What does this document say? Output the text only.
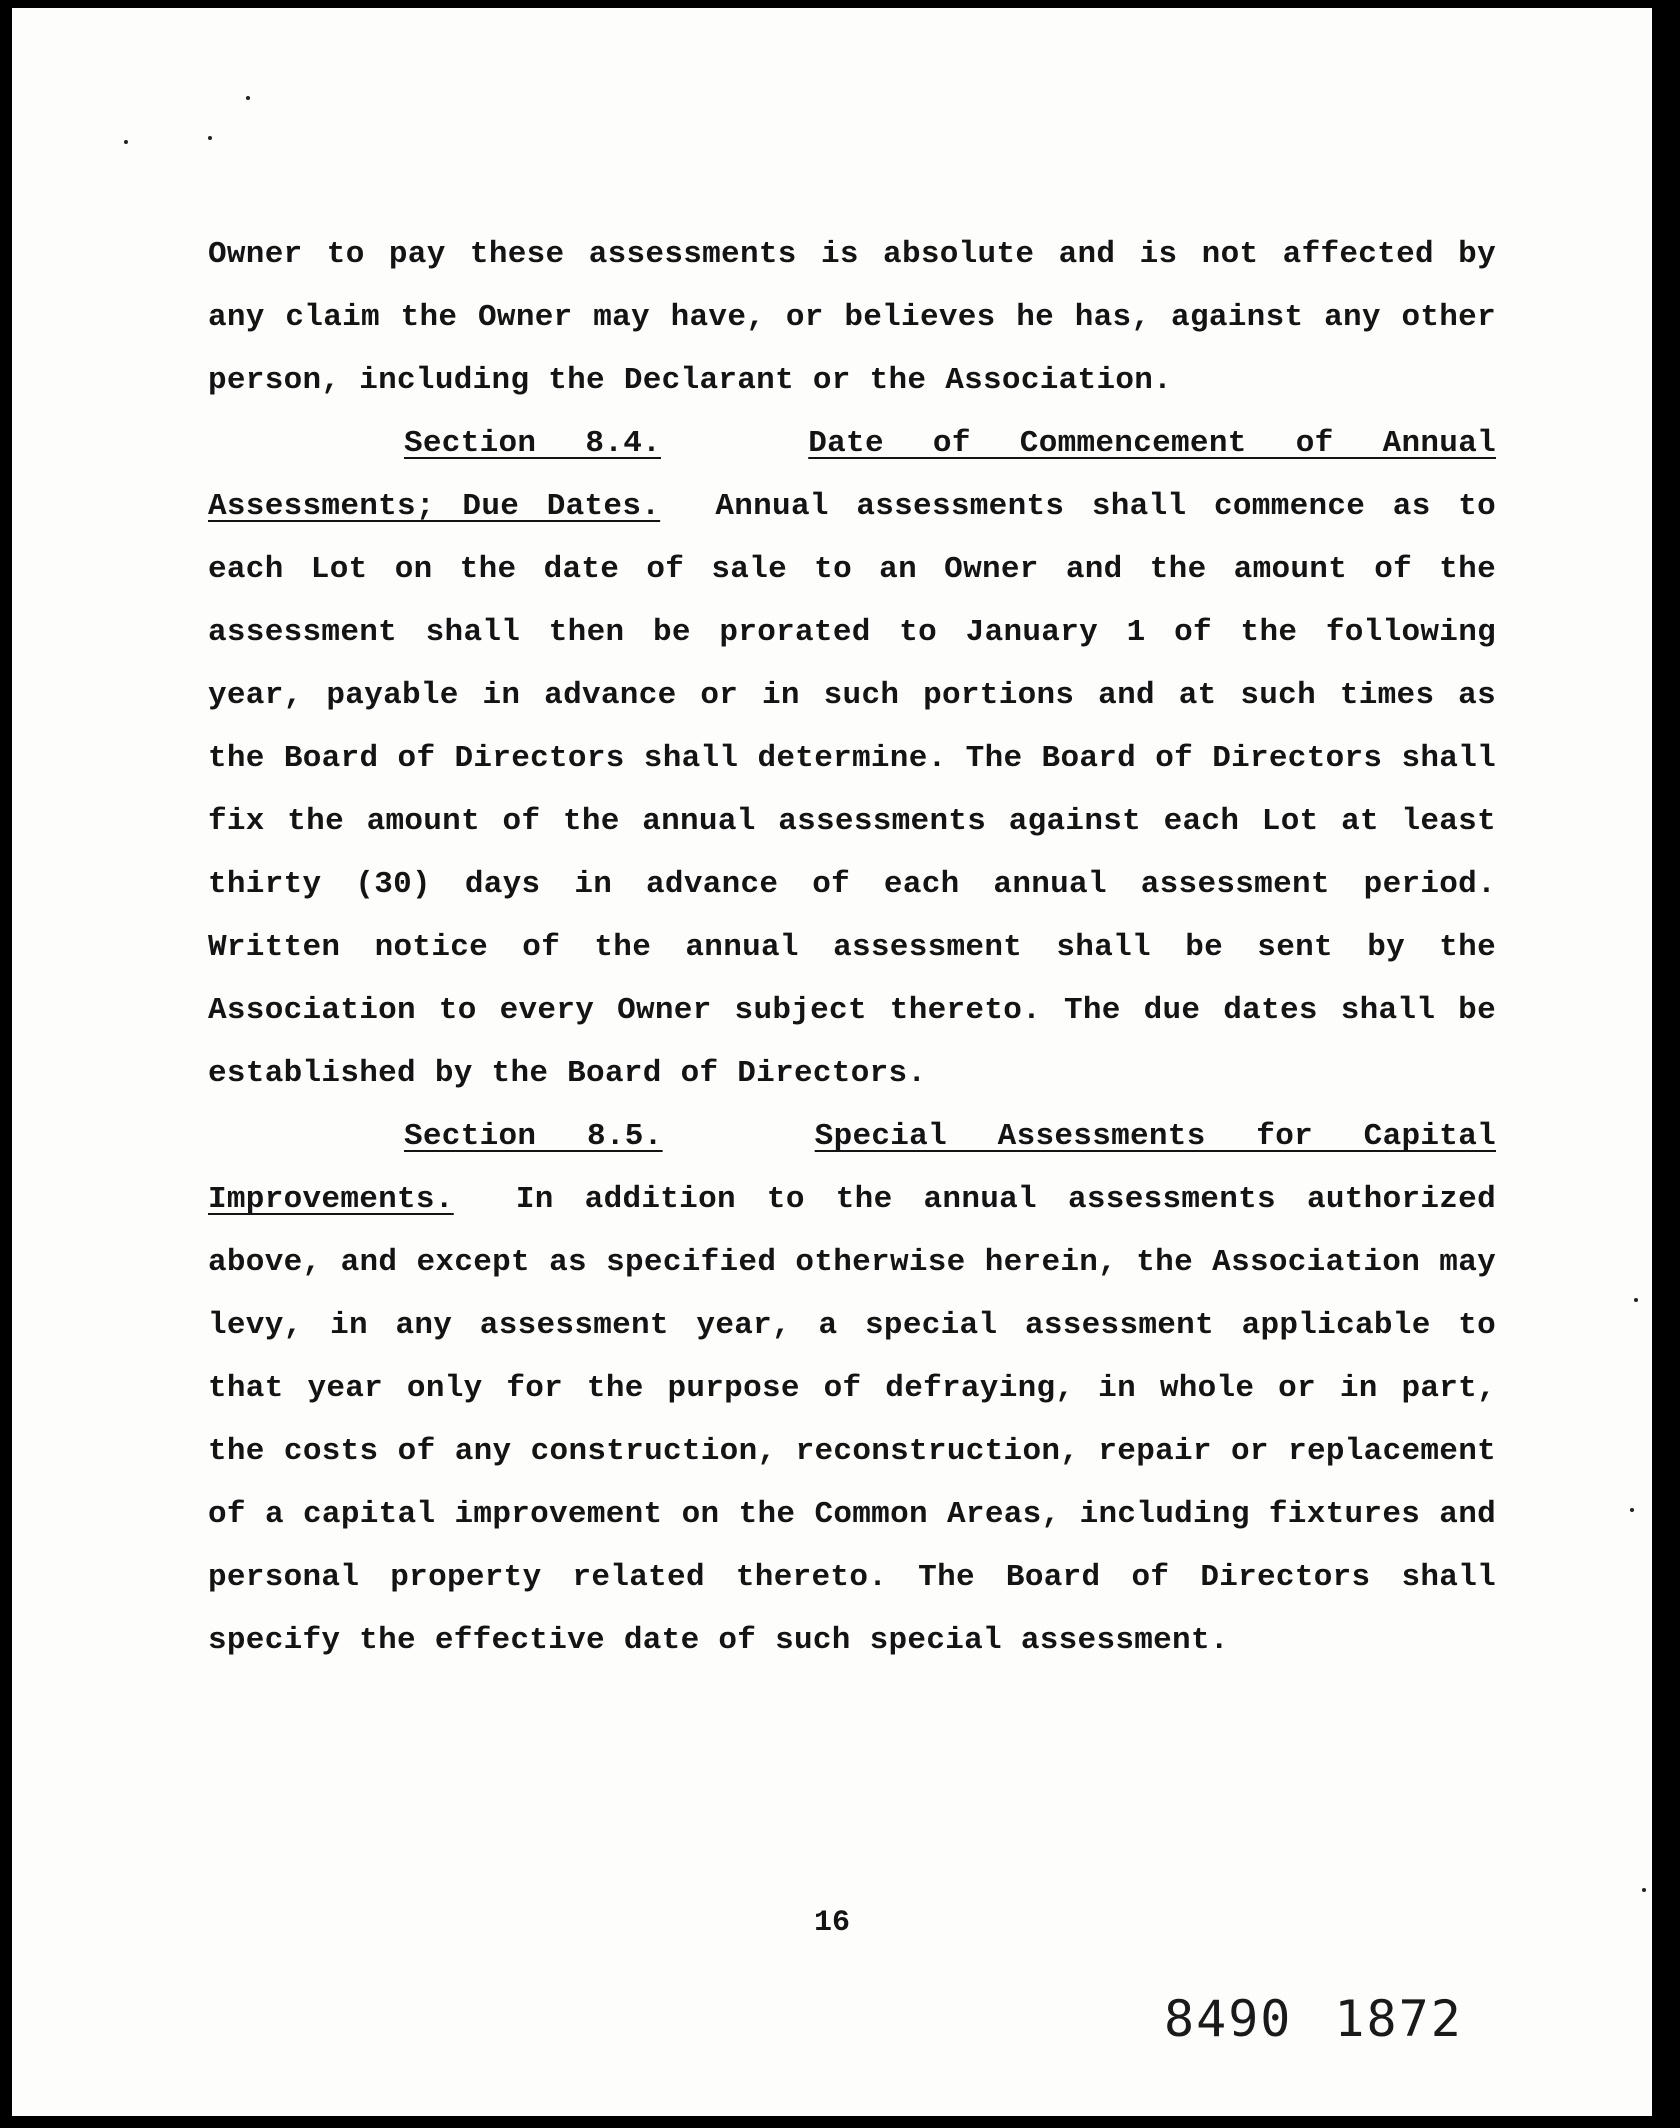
Owner to pay these assessments is absolute and is not affected by any claim the Owner may have, or believes he has, against any other person, including the Declarant or the Association.

Section 8.4.	Date of Commencement of Annual Assessments; Due Dates. Annual assessments shall commence as to each Lot on the date of sale to an Owner and the amount of the assessment shall then be prorated to January 1 of the following year, payable in advance or in such portions and at such times as the Board of Directors shall determine. The Board of Directors shall fix the amount of the annual assessments against each Lot at least thirty (30) days in advance of each annual assessment period. Written notice of the annual assessment shall be sent by the Association to every Owner subject thereto. The due dates shall be established by the Board of Directors.

Section 8.5.	Special Assessments for Capital Improvements. In addition to the annual assessments authorized above, and except as specified otherwise herein, the Association may levy, in any assessment year, a special assessment applicable to that year only for the purpose of defraying, in whole or in part, the costs of any construction, reconstruction, repair or replacement of a capital improvement on the Common Areas, including fixtures and personal property related thereto. The Board of Directors shall specify the effective date of such special assessment.

16
8490 1872
